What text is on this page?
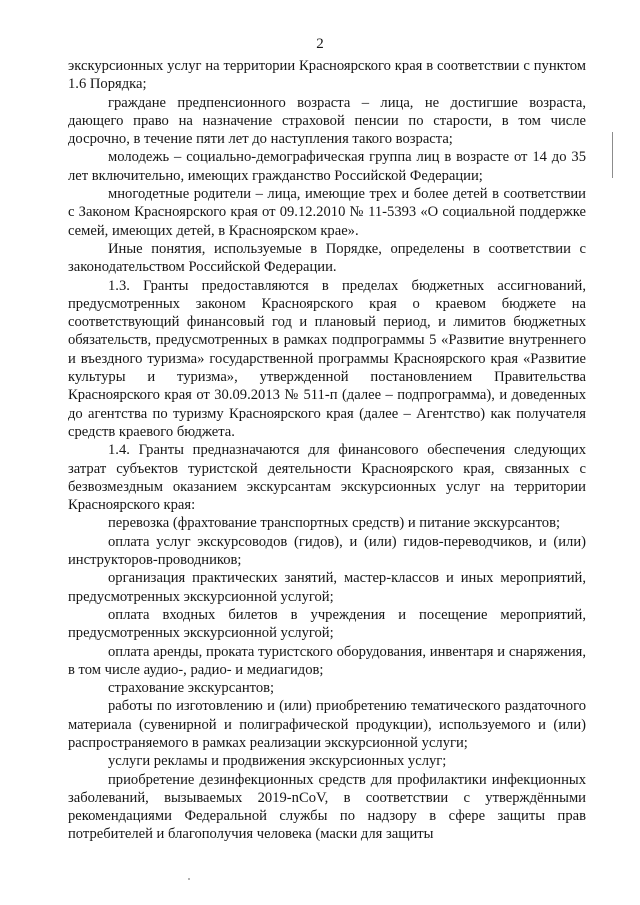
2

экскурсионных услуг на территории Красноярского края в соответствии с пунктом 1.6 Порядка;

граждане предпенсионного возраста – лица, не достигшие возраста, дающего право на назначение страховой пенсии по старости, в том числе досрочно, в течение пяти лет до наступления такого возраста;

молодежь – социально-демографическая группа лиц в возрасте от 14 до 35 лет включительно, имеющих гражданство Российской Федерации;

многодетные родители – лица, имеющие трех и более детей в соответствии с Законом Красноярского края от 09.12.2010 № 11-5393 «О социальной поддержке семей, имеющих детей, в Красноярском крае».

Иные понятия, используемые в Порядке, определены в соответствии с законодательством Российской Федерации.

1.3. Гранты предоставляются в пределах бюджетных ассигнований, предусмотренных законом Красноярского края о краевом бюджете на соответствующий финансовый год и плановый период, и лимитов бюджетных обязательств, предусмотренных в рамках подпрограммы 5 «Развитие внутреннего и въездного туризма» государственной программы Красноярского края «Развитие культуры и туризма», утвержденной постановлением Правительства Красноярского края от 30.09.2013 № 511-п (далее – подпрограмма), и доведенных до агентства по туризму Красноярского края (далее – Агентство) как получателя средств краевого бюджета.

1.4. Гранты предназначаются для финансового обеспечения следующих затрат субъектов туристской деятельности Красноярского края, связанных с безвозмездным оказанием экскурсантам экскурсионных услуг на территории Красноярского края:

перевозка (фрахтование транспортных средств) и питание экскурсантов;

оплата услуг экскурсоводов (гидов), и (или) гидов-переводчиков, и (или) инструкторов-проводников;

организация практических занятий, мастер-классов и иных мероприятий, предусмотренных экскурсионной услугой;

оплата входных билетов в учреждения и посещение мероприятий, предусмотренных экскурсионной услугой;

оплата аренды, проката туристского оборудования, инвентаря и снаряжения, в том числе аудио-, радио- и медиагидов;

страхование экскурсантов;

работы по изготовлению и (или) приобретению тематического раздаточного материала (сувенирной и полиграфической продукции), используемого и (или) распространяемого в рамках реализации экскурсионной услуги;

услуги рекламы и продвижения экскурсионных услуг;

приобретение дезинфекционных средств для профилактики инфекционных заболеваний, вызываемых 2019-nCoV, в соответствии с утверждёнными рекомендациями Федеральной службы по надзору в сфере защиты прав потребителей и благополучия человека (маски для защиты
